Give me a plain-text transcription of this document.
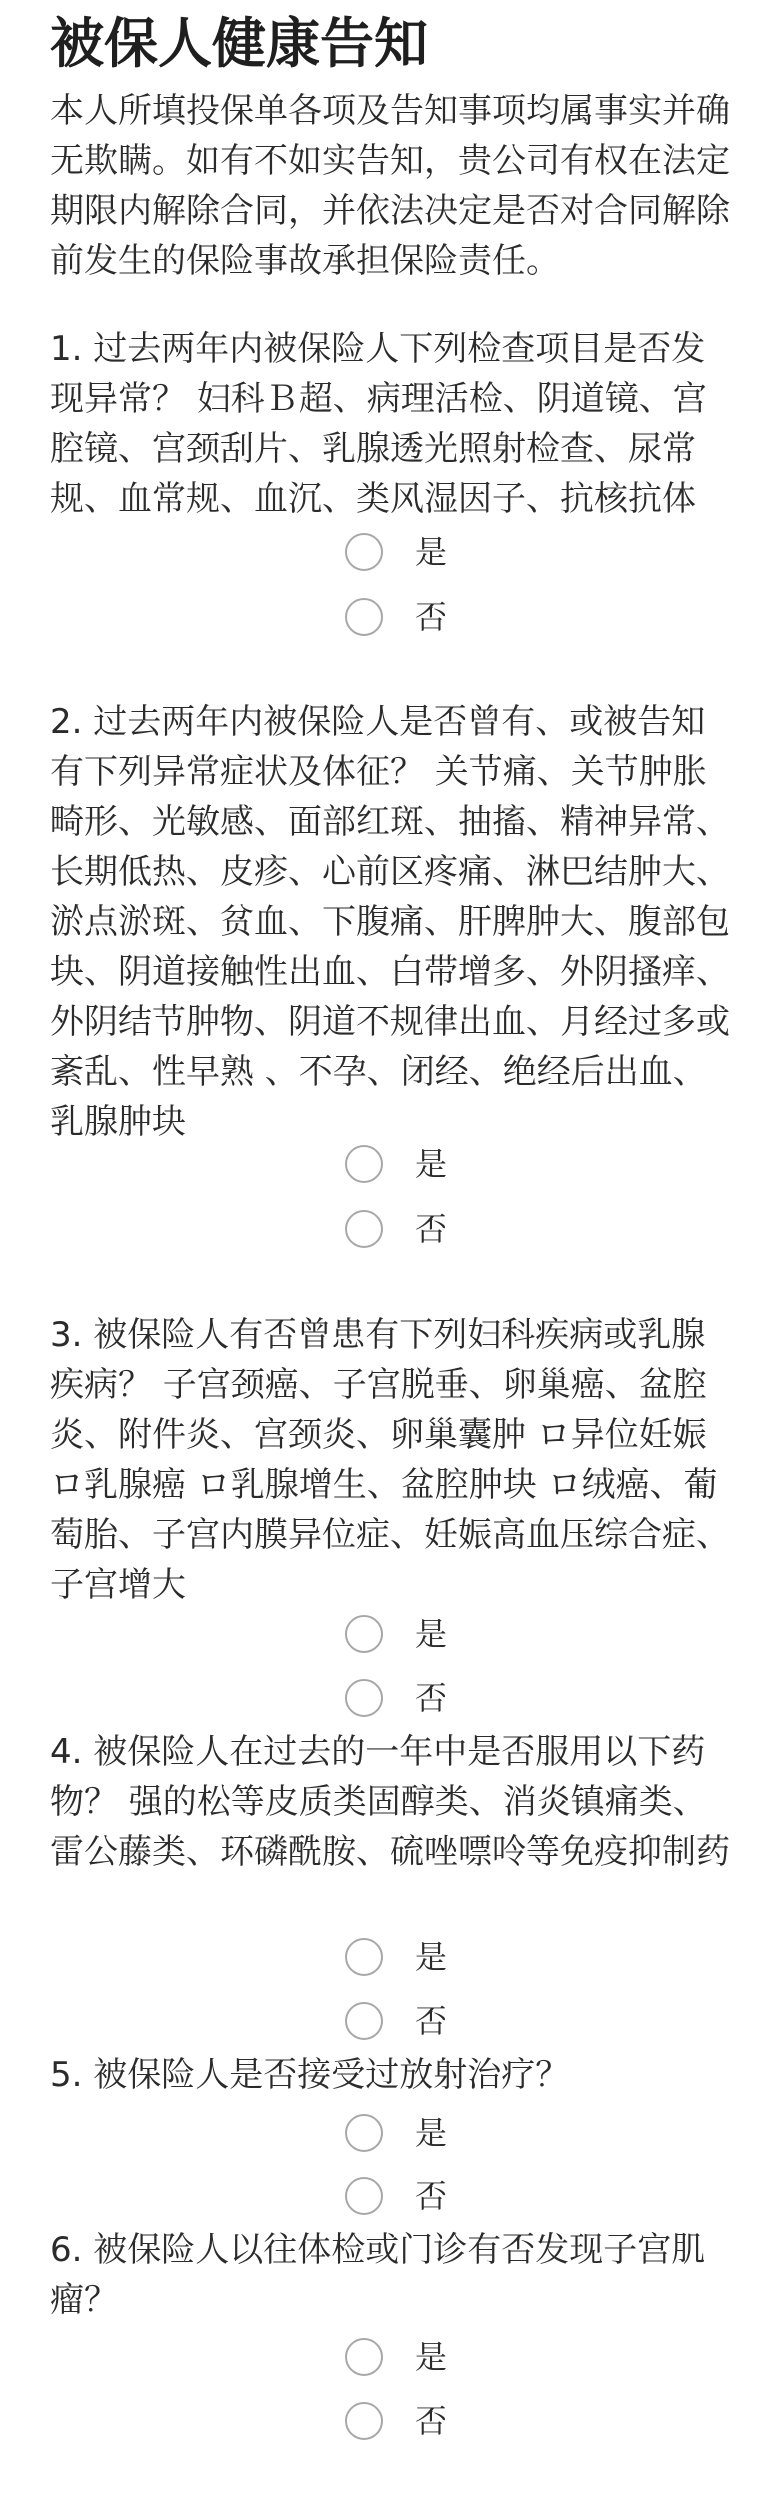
被保人健康告知

本人所填投保单各项及告知事项均属事实并确无欺瞒。如有不如实告知，贵公司有权在法定期限内解除合同，并依法决定是否对合同解除前发生的保险事故承担保险责任。

1. 过去两年内被保险人下列检查项目是否发现异常？ 妇科Ｂ超、病理活检、阴道镜、宫腔镜、宫颈刮片、乳腺透光照射检查、尿常规、血常规、血沉、类风湿因子、抗核抗体

是
否

2. 过去两年内被保险人是否曾有、或被告知有下列异常症状及体征？ 关节痛、关节肿胀畸形、光敏感、面部红斑、抽搐、精神异常、长期低热、皮疹、心前区疼痛、淋巴结肿大、淤点淤斑、贫血、下腹痛、肝脾肿大、腹部包块、阴道接触性出血、白带增多、外阴搔痒、外阴结节肿物、阴道不规律出血、月经过多或紊乱、性早熟 、不孕、闭经、绝经后出血、乳腺肿块

是
否

3. 被保险人有否曾患有下列妇科疾病或乳腺疾病？ 子宫颈癌、子宫脱垂、卵巢癌、盆腔炎、附件炎、宫颈炎、卵巢囊肿 ロ异位妊娠 ロ乳腺癌 ロ乳腺增生、盆腔肿块 ロ绒癌、葡萄胎、子宫内膜异位症、妊娠高血压综合症、子宫增大

是
否

4. 被保险人在过去的一年中是否服用以下药物？ 强的松等皮质类固醇类、消炎镇痛类、雷公藤类、环磷酰胺、硫唑嘌呤等免疫抑制药

是
否

5. 被保险人是否接受过放射治疗？

是
否

6. 被保险人以往体检或门诊有否发现子宫肌瘤？

是
否
